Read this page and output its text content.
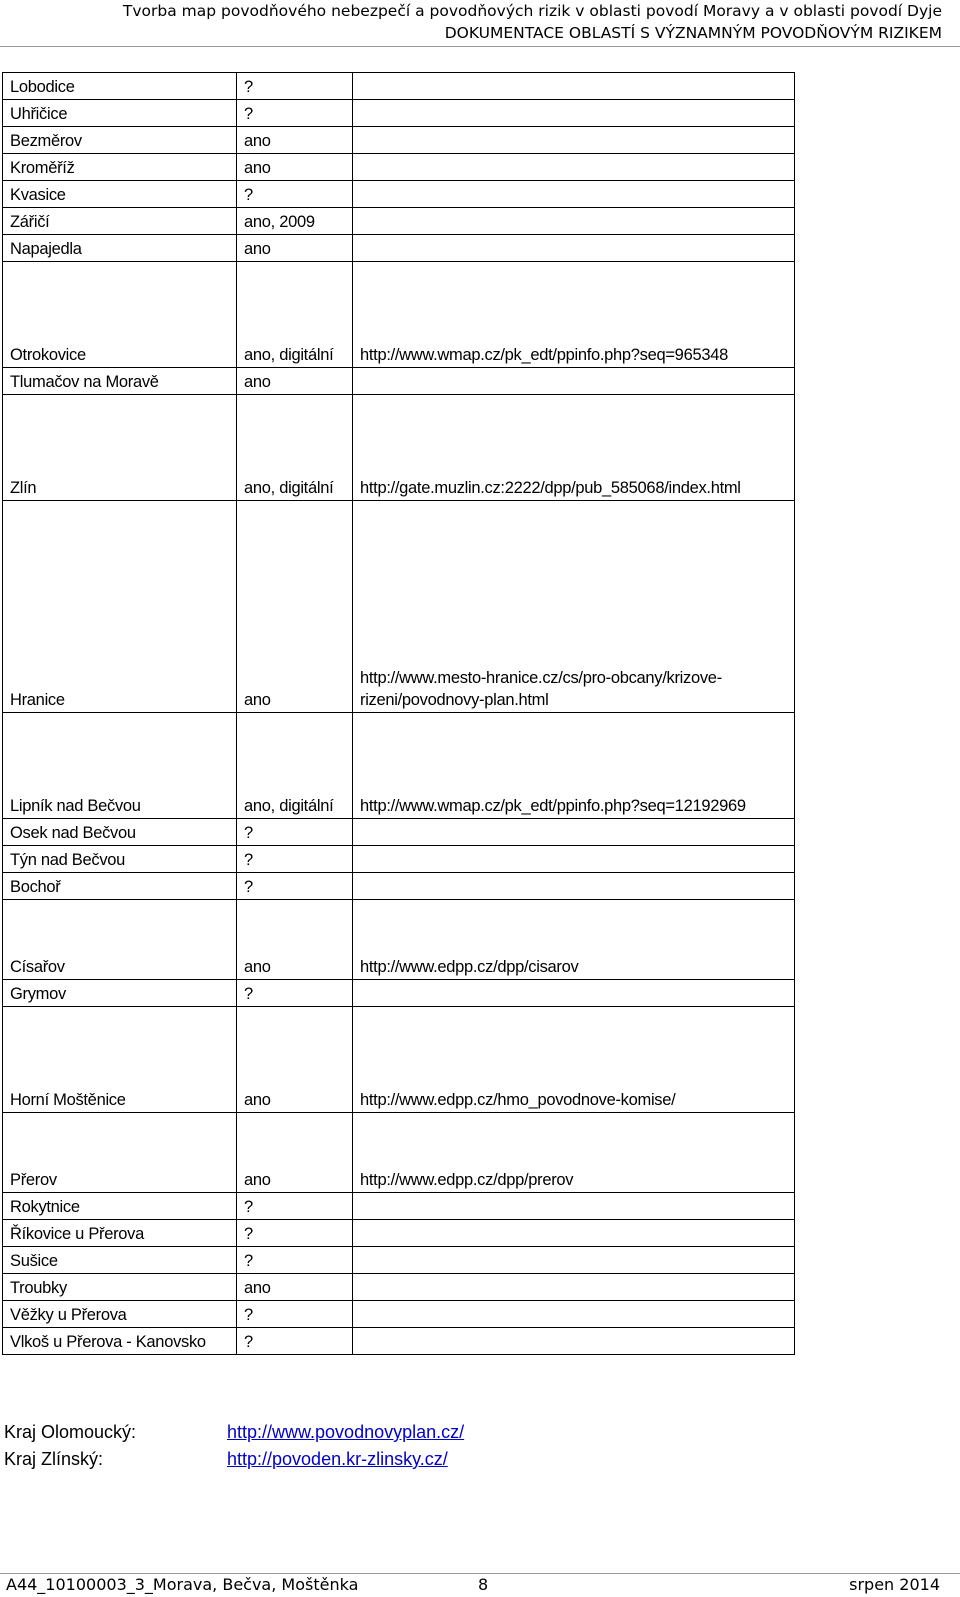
Tvorba map povodňového nebezpečí a povodňových rizik v oblasti povodí Moravy a v oblasti povodí Dyje
DOKUMENTACE OBLASTÍ S VÝZNAMNÝM POVODŇOVÝM RIZIKEM
Lobodice	?	
Uhřičice	?	
Bezměrov	ano	
Kroměříž	ano	
Kvasice	?	
Zářičí	ano, 2009	
Napajedla	ano	
Otrokovice	ano, digitální	http://www.wmap.cz/pk_edt/ppinfo.php?seq=965348
Tlumačov na Moravě	ano	
Zlín	ano, digitální	http://gate.muzlin.cz:2222/dpp/pub_585068/index.html
Hranice	ano	http://www.mesto-hranice.cz/cs/pro-obcany/krizove-rizeni/povodnovy-plan.html
Lipník nad Bečvou	ano, digitální	http://www.wmap.cz/pk_edt/ppinfo.php?seq=12192969
Osek nad Bečvou	?	
Týn nad Bečvou	?	
Bochoř	?	
Císařov	ano	http://www.edpp.cz/dpp/cisarov
Grymov	?	
Horní Moštěnice	ano	http://www.edpp.cz/hmo_povodnove-komise/
Přerov	ano	http://www.edpp.cz/dpp/prerov
Rokytnice	?	
Říkovice u Přerova	?	
Sušice	?	
Troubky	ano	
Věžky u Přerova	?	
Vlkoš u Přerova - Kanovsko	?	
Kraj Olomoucký:	http://www.povodnovyplan.cz/
Kraj Zlínský:	http://povoden.kr-zlinsky.cz/
A44_10100003_3_Morava, Bečva, Moštěnka	8	srpen 2014
